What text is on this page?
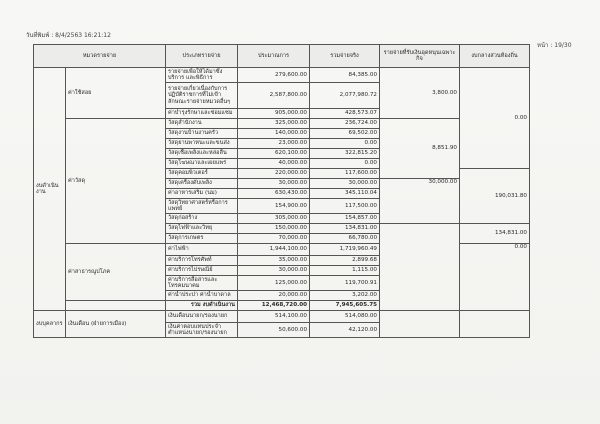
วันที่พิมพ์ : 8/4/2563 16:21:12
หน้า : 19/30
หมวดรายจ่าย		ประเภทรายจ่าย	ประมาณการ	รวมจ่ายจริง	รายจ่ายที่รับเงินอุดหนุนเฉพาะกิจ	งบกลางส่วนท้องถิ่น	
งบดำเนินงาน	ค่าใช้สอย	รายจ่ายเพื่อให้ได้มาซึ่งบริการ และพิธีการ	279,600.00	84,385.00	3,800.00	0.00	
		รายจ่ายเกี่ยวเนื่องกับการปฏิบัติราชการที่ไม่เข้าลักษณะรายจ่ายหมวดอื่นๆ	2,587,800.00	2,077,980.72			
		ค่าบำรุงรักษาและซ่อมแซม	905,000.00	428,573.07			
	ค่าวัสดุ	วัสดุสำนักงาน	325,000.00	236,724.00	8,851.90		
		วัสดุงานบ้านงานครัว	140,000.00	69,502.00			
		วัสดุยานพาหนะและขนส่ง	23,000.00	0.00			
		วัสดุเชื้อเพลิงและหล่อลื่น	620,100.00	322,815.20			
		วัสดุโฆษณาและเผยแพร่	40,000.00	0.00			
		วัสดุคอมพิวเตอร์	220,000.00	117,600.00		190,031.80	
		วัสดุเครื่องดับเพลิง	30,000.00	30,000.00	30,000.00		
		ค่าอาหารเสริม (นม)	630,430.00	345,110.04			
		วัสดุวิทยาศาสตร์หรือการแพทย์	154,900.00	117,500.00			
		วัสดุก่อสร้าง	305,000.00	154,857.00			
		วัสดุไฟฟ้าและวิทยุ	150,000.00	134,831.00		134,831.00	
		วัสดุการเกษตร	70,000.00	66,780.00			
	ค่าสาธารณูปโภค	ค่าไฟฟ้า	1,944,100.00	1,719,960.49		0.00	
		ค่าบริการโทรศัพท์	35,000.00	2,899.68			
		ค่าบริการไปรษณีย์	30,000.00	1,115.00			
		ค่าบริการสื่อสารและโทรคมนาคม	125,000.00	119,700.91			
		ค่าน้ำประปา ค่าน้ำบาดาล	20,000.00	3,202.00			
		รวม งบดำเนินงาน	12,468,720.00	7,945,605.75		
งบบุคลากร	เงินเดือน (ฝ่ายการเมือง)	เงินเดือนนายก/รองนายก	514,100.00	514,080.00			
		เงินค่าตอบแทนประจำตำแหน่งนายก/รองนายก	50,600.00	42,120.00			
